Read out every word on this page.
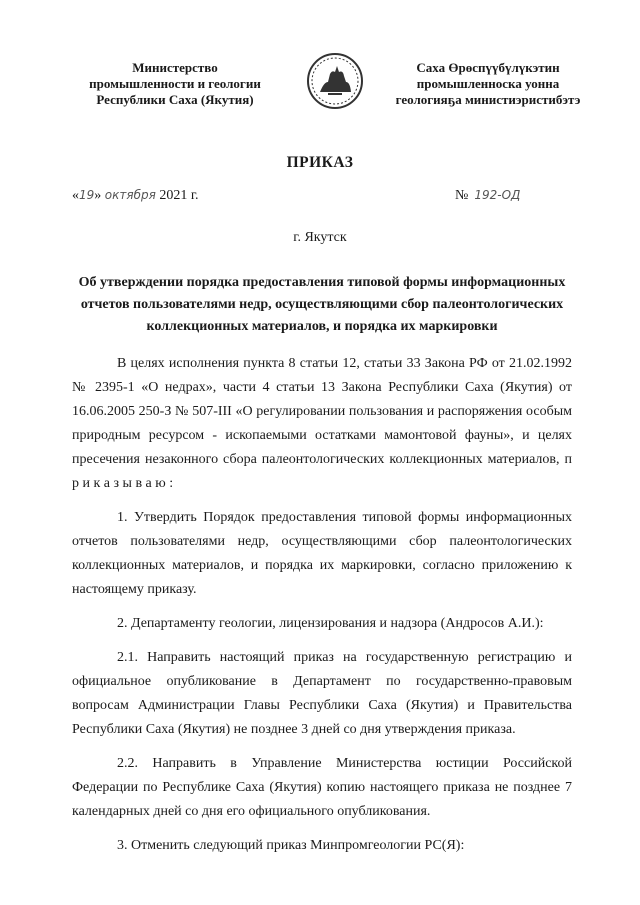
Министерство
промышленности и геологии
Республики Саха (Якутия)
Саха Өрөспүүбүлүкэтин
промышленноска уонна
геологияҕа министиэристибэтэ
ПРИКАЗ
«19» октября 2021 г.	№ 192-ОД
г. Якутск
Об утверждении порядка предоставления типовой формы информационных отчетов пользователями недр, осуществляющими сбор палеонтологических коллекционных материалов, и порядка их маркировки

В целях исполнения пункта 8 статьи 12, статьи 33 Закона РФ от 21.02.1992 № 2395-1 «О недрах», части 4 статьи 13 Закона Республики Саха (Якутия) от 16.06.2005 250-З № 507-III «О регулировании пользования и распоряжения особым природным ресурсом - ископаемыми остатками мамонтовой фауны», и целях пресечения незаконного сбора палеонтологических коллекционных материалов, п р и к а з ы в а ю :

1. Утвердить Порядок предоставления типовой формы информационных отчетов пользователями недр, осуществляющими сбор палеонтологических коллекционных материалов, и порядка их маркировки, согласно приложению к настоящему приказу.

2. Департаменту геологии, лицензирования и надзора (Андросов А.И.):

2.1. Направить настоящий приказ на государственную регистрацию и официальное опубликование в Департамент по государственно-правовым вопросам Администрации Главы Республики Саха (Якутия) и Правительства Республики Саха (Якутия) не позднее 3 дней со дня утверждения приказа.

2.2. Направить в Управление Министерства юстиции Российской Федерации по Республике Саха (Якутия) копию настоящего приказа не позднее 7 календарных дней со дня его официального опубликования.

3. Отменить следующий приказ Минпромгеологии РС(Я):
